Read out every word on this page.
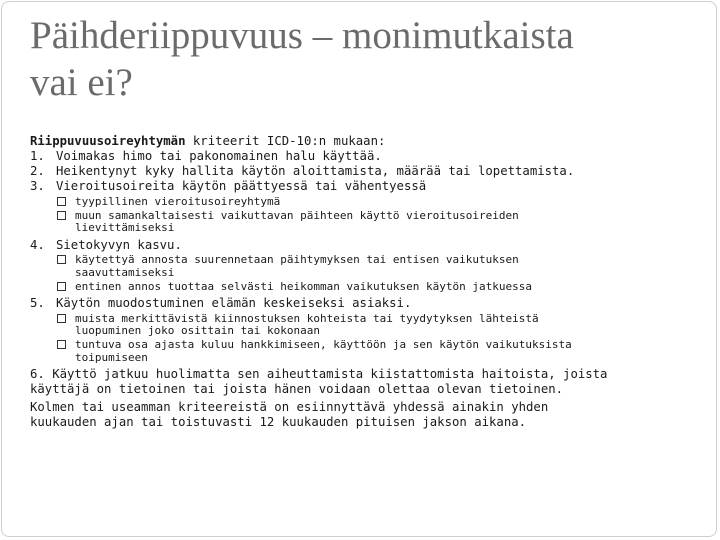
Päihderiippuvuus – monimutkaista
vai ei?
Riippuvuusoireyhtymän kriteerit ICD-10:n mukaan:
1. Voimakas himo tai pakonomainen halu käyttää.
2. Heikentynyt kyky hallita käytön aloittamista, määrää tai lopettamista.
3. Vieroitusoireita käytön päättyessä tai vähentyessä
tyypillinen vieroitusoireyhtymä
muun samankaltaisesti vaikuttavan päihteen käyttö vieroitusoireiden
lievittämiseksi
4. Sietokyvyn kasvu.
käytettyä annosta suurennetaan päihtymyksen tai entisen vaikutuksen
saavuttamiseksi
entinen annos tuottaa selvästi heikomman vaikutuksen käytön jatkuessa
5. Käytön muodostuminen elämän keskeiseksi asiaksi.
muista merkittävistä kiinnostuksen kohteista tai tyydytyksen lähteistä
luopuminen joko osittain tai kokonaan
tuntuva osa ajasta kuluu hankkimiseen, käyttöön ja sen käytön vaikutuksista
toipumiseen
6. Käyttö jatkuu huolimatta sen aiheuttamista kiistattomista haitoista, joista
käyttäjä on tietoinen tai joista hänen voidaan olettaa olevan tietoinen.
Kolmen tai useamman kriteereistä on esiinnyttävä yhdessä ainakin yhden
kuukauden ajan tai toistuvasti 12 kuukauden pituisen jakson aikana.
